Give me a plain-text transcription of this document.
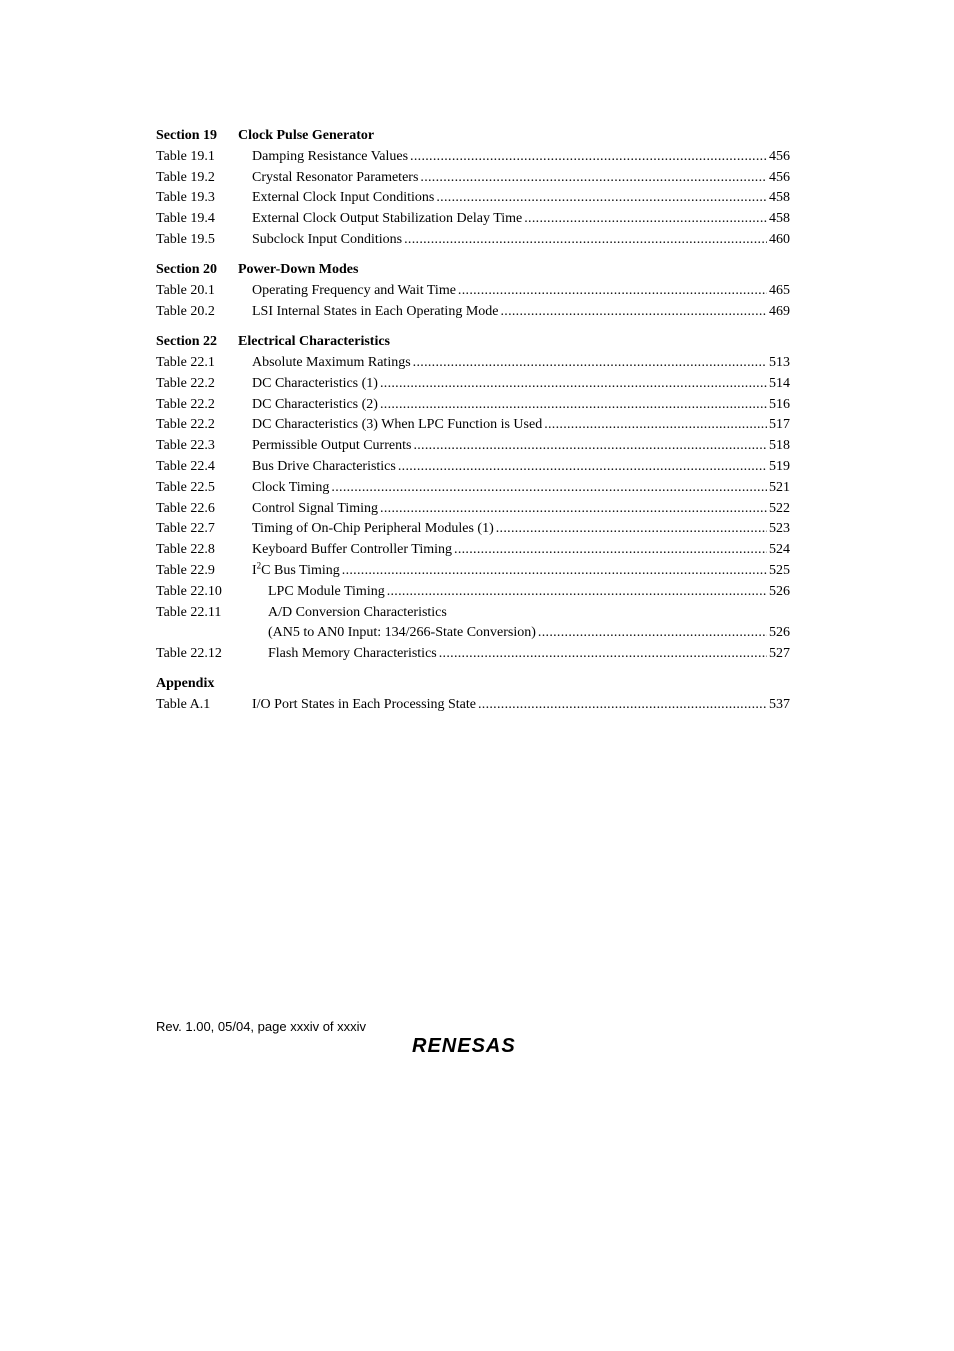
Section 19 Clock Pulse Generator
Table 19.1	Damping Resistance Values .....	456
Table 19.2	Crystal Resonator Parameters .....	456
Table 19.3	External Clock Input Conditions .....	458
Table 19.4	External Clock Output Stabilization Delay Time .....	458
Table 19.5	Subclock Input Conditions .....	460
Section 20 Power-Down Modes
Table 20.1	Operating Frequency and Wait Time .....	465
Table 20.2	LSI Internal States in Each Operating Mode .....	469
Section 22 Electrical Characteristics
Table 22.1	Absolute Maximum Ratings .....	513
Table 22.2	DC Characteristics (1) .....	514
Table 22.2	DC Characteristics (2) .....	516
Table 22.2	DC Characteristics (3) When LPC Function is Used .....	517
Table 22.3	Permissible Output Currents .....	518
Table 22.4	Bus Drive Characteristics .....	519
Table 22.5	Clock Timing .....	521
Table 22.6	Control Signal Timing .....	522
Table 22.7	Timing of On-Chip Peripheral Modules (1) .....	523
Table 22.8	Keyboard Buffer Controller Timing .....	524
Table 22.9	$I^2C$ Bus Timing .....	525
Table 22.10	LPC Module Timing .....	526
Table 22.11	A/D Conversion Characteristics
(AN5 to AN0 Input: 134/266-State Conversion) .....	526
Table 22.12	Flash Memory Characteristics .....	527
Appendix
Table A.1	I/O Port States in Each Processing State .....	537
Rev. 1.00, 05/04, page xxxiv of xxxiv
RENESAS
